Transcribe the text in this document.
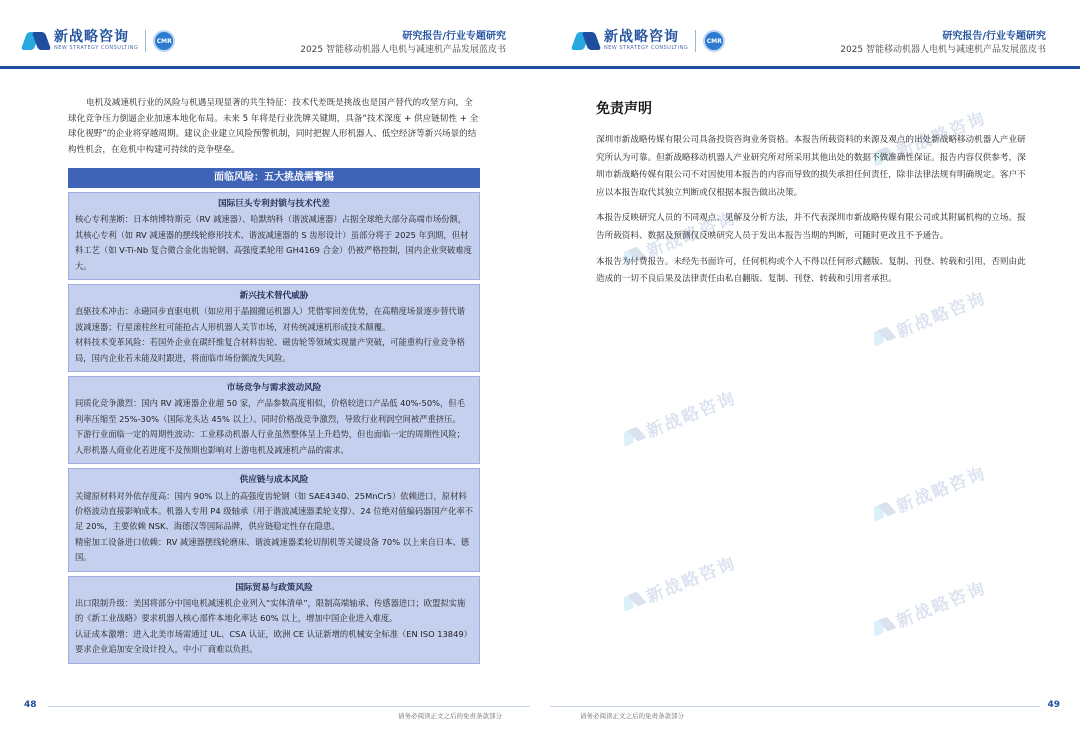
新战略咨询
NEW STRATEGY CONSULTING
CMR	研究报告/行业专题研究
2025 智能移动机器人电机与减速机产品发展蓝皮书

电机及减速机行业的风险与机遇呈现显著的共生特征：技术代差既是挑战也是国产替代的攻坚方向，全球化竞争压力倒逼企业加速本地化布局。未来 5 年将是行业洗牌关键期，具备“技术深度 + 供应链韧性 + 全球化视野”的企业将穿越周期。建议企业建立风险预警机制，同时把握人形机器人、低空经济等新兴场景的结构性机会，在危机中构建可持续的竞争壁垒。

面临风险：五大挑战需警惕
国际巨头专利封锁与技术代差

核心专利垄断：日本纳博特斯克（RV 减速器）、哈默纳科（谐波减速器）占据全球绝大部分高端市场份额，其核心专利（如 RV 减速器的摆线轮修形技术、谐波减速器的 S 齿形设计）虽部分将于 2025 年到期，但材料工艺（如 V-Ti-Nb 复合微合金化齿轮钢、高强度柔轮用 GH4169 合金）仍被严格控制，国内企业突破难度大。

新兴技术替代威胁

直驱技术冲击：永磁同步直驱电机（如应用于晶圆搬运机器人）凭借零回差优势，在高精度场景逐步替代谐波减速器；行星滚柱丝杠可能抢占人形机器人关节市场，对传统减速机形成技术颠覆。

材料技术变革风险：若国外企业在碳纤维复合材料齿轮、磁齿轮等领域实现量产突破，可能重构行业竞争格局，国内企业若未能及时跟进，将面临市场份额流失风险。

市场竞争与需求波动风险

同质化竞争激烈：国内 RV 减速器企业超 50 家，产品参数高度相似，价格较进口产品低 40%-50%，但毛利率压缩至 25%-30%（国际龙头达 45% 以上）。同时价格战竞争激烈，导致行业利润空间被严重挤压。

下游行业面临一定的周期性波动：工业移动机器人行业虽然整体呈上升趋势，但也面临一定的周期性风险；人形机器人商业化若进度不及预期也影响对上游电机及减速机产品的需求。

供应链与成本风险

关键原材料对外依存度高：国内 90% 以上的高强度齿轮钢（如 SAE4340、25MnCr5）依赖进口，原材料价格波动直接影响成本。机器人专用 P4 级轴承（用于谐波减速器柔轮支撑）、24 位绝对值编码器国产化率不足 20%，主要依赖 NSK、海德汉等国际品牌，供应链稳定性存在隐患。

精密加工设备进口依赖：RV 减速器摆线轮磨床、谐波减速器柔轮切削机等关键设备 70% 以上来自日本、德国。

国际贸易与政策风险

出口限制升级：美国将部分中国电机减速机企业列入“实体清单”，限制高端轴承、传感器进口；欧盟拟实施的《新工业战略》要求机器人核心部件本地化率达 60% 以上，增加中国企业进入难度。

认证成本激增：进入北美市场需通过 UL、CSA 认证，欧洲 CE 认证新增的机械安全标准（EN ISO 13849）要求企业追加安全设计投入，中小厂商难以负担。

48
请务必阅读正文之后的免责条款部分
新战略咨询
NEW STRATEGY CONSULTING
CMR	研究报告/行业专题研究
2025 智能移动机器人电机与减速机产品发展蓝皮书
新战略咨询
新战略咨询
新战略咨询
新战略咨询
新战略咨询
新战略咨询	新战略咨询
免责声明

深圳市新战略传媒有限公司具备投资咨询业务资格。本报告所载资料的来源及观点的出处新战略移动机器人产业研究所认为可靠。但新战略移动机器人产业研究所对所采用其他出处的数据不做准确性保证。报告内容仅供参考，深圳市新战略传媒有限公司不对因使用本报告的内容而导致的损失承担任何责任，除非法律法规有明确规定。客户不应以本报告取代其独立判断或仅根据本报告做出决策。

本报告反映研究人员的不同观点、见解及分析方法，并不代表深圳市新战略传媒有限公司或其附属机构的立场。报告所载资料、数据及预测仅反映研究人员于发出本报告当期的判断，可随时更改且不予通告。

本报告为付费报告。未经先书面许可，任何机构或个人不得以任何形式翻版、复制、刊登、转载和引用，否则由此造成的一切不良后果及法律责任由私自翻版、复制、刊登、转载和引用者承担。

请务必阅读正文之后的免责条款部分
49
